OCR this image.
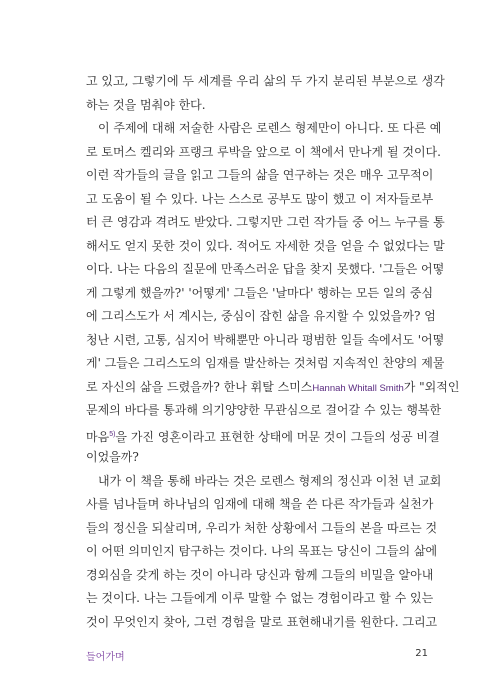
고 있고, 그렇기에 두 세계를 우리 삶의 두 가지 분리된 부분으로 생각
하는 것을 멈춰야 한다.
이 주제에 대해 저술한 사람은 로렌스 형제만이 아니다. 또 다른 예
로 토머스 켈리와 프랭크 루박을 앞으로 이 책에서 만나게 될 것이다.
이런 작가들의 글을 읽고 그들의 삶을 연구하는 것은 매우 고무적이
고 도움이 될 수 있다. 나는 스스로 공부도 많이 했고 이 저자들로부
터 큰 영감과 격려도 받았다. 그렇지만 그런 작가들 중 어느 누구를 통
해서도 얻지 못한 것이 있다. 적어도 자세한 것을 얻을 수 없었다는 말
이다. 나는 다음의 질문에 만족스러운 답을 찾지 못했다. '그들은 어떻
게 그렇게 했을까?' '어떻게' 그들은 '날마다' 행하는 모든 일의 중심
에 그리스도가 서 계시는, 중심이 잡힌 삶을 유지할 수 있었을까? 엄
청난 시련, 고통, 심지어 박해뿐만 아니라 평범한 일들 속에서도 '어떻
게' 그들은 그리스도의 임재를 발산하는 것처럼 지속적인 찬양의 제물
로 자신의 삶을 드렸을까? 한나 휘탈 스미스Hannah Whitall Smith가 "외적인
문제의 바다를 통과해 의기양양한 무관심으로 걸어갈 수 있는 행복한
마음$^{5)}$을 가진 영혼이라고 표현한 상태에 머문 것이 그들의 성공 비결
이었을까?
내가 이 책을 통해 바라는 것은 로렌스 형제의 정신과 이천 년 교회
사를 넘나들며 하나님의 임재에 대해 책을 쓴 다른 작가들과 실천가
들의 정신을 되살리며, 우리가 처한 상황에서 그들의 본을 따르는 것
이 어떤 의미인지 탐구하는 것이다. 나의 목표는 당신이 그들의 삶에
경외심을 갖게 하는 것이 아니라 당신과 함께 그들의 비밀을 알아내
는 것이다. 나는 그들에게 이루 말할 수 없는 경험이라고 할 수 있는
것이 무엇인지 찾아, 그런 경험을 말로 표현해내기를 원한다. 그리고
들어가며	21
